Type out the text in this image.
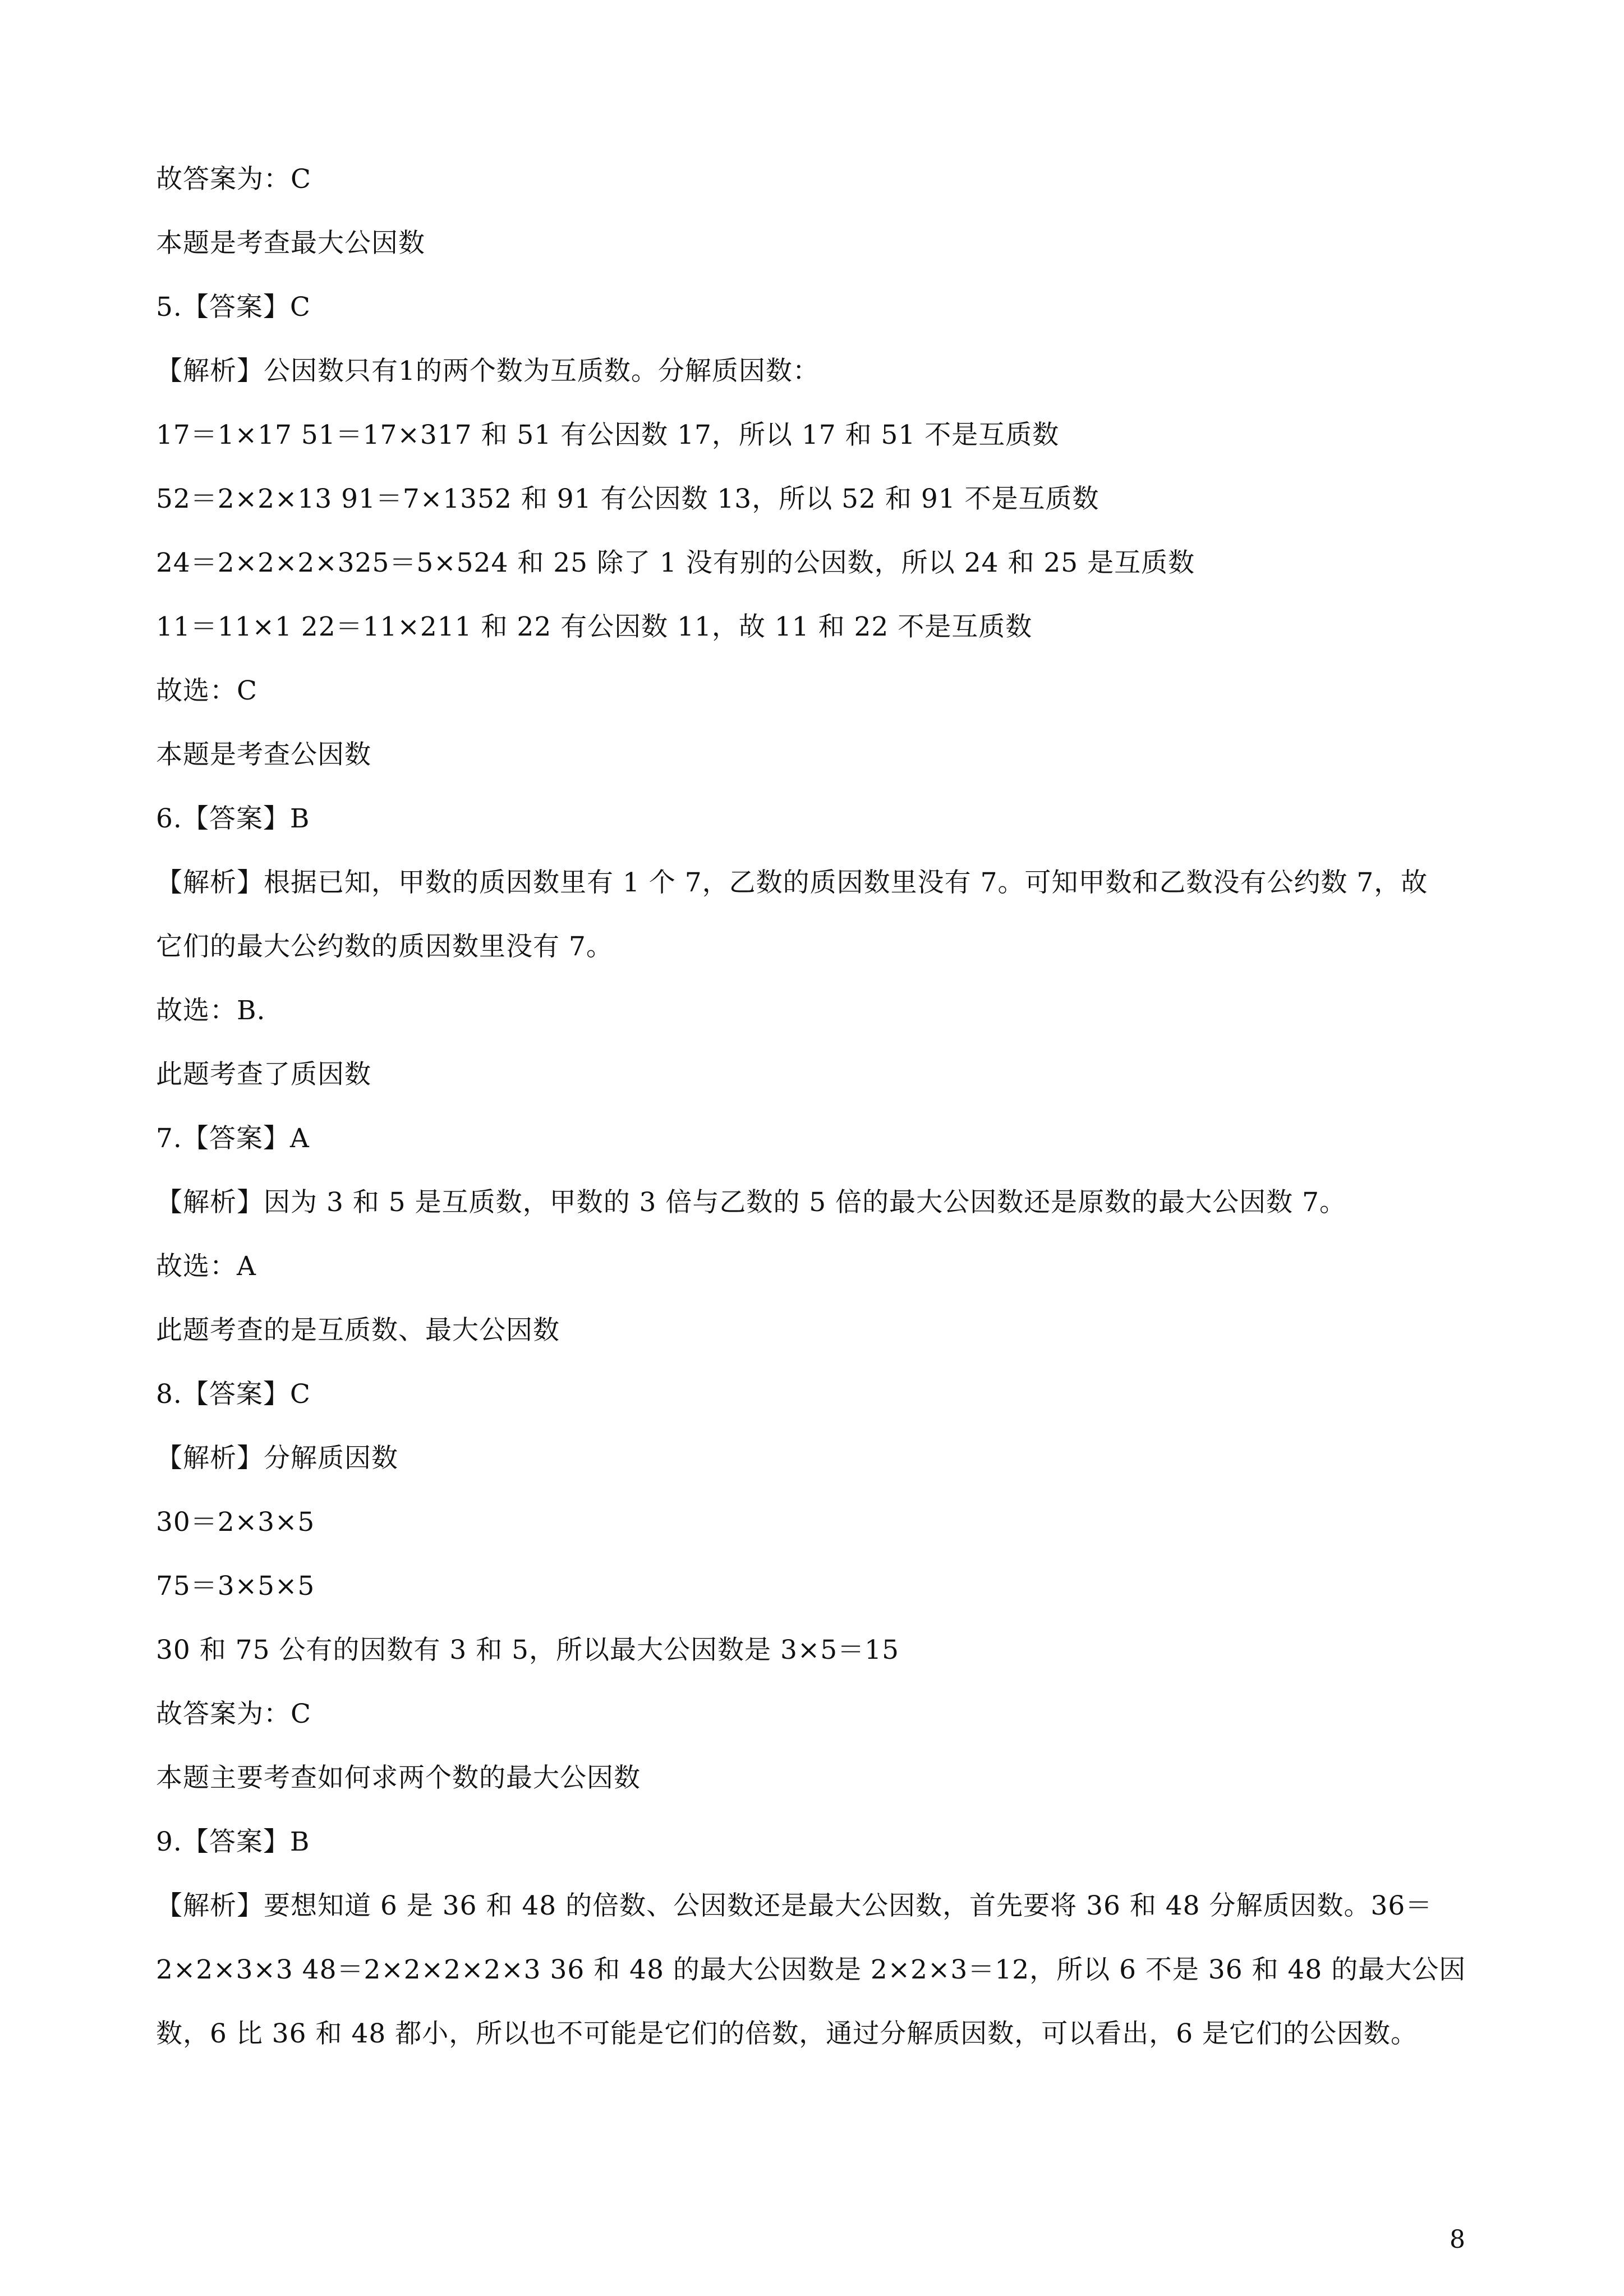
故答案为：C
本题是考查最大公因数
5.【答案】C
【解析】公因数只有1的两个数为互质数。分解质因数：
17＝1×17 51＝17×317 和 51 有公因数 17，所以 17 和 51 不是互质数
52＝2×2×13 91＝7×1352 和 91 有公因数 13，所以 52 和 91 不是互质数
24＝2×2×2×325＝5×524 和 25 除了 1 没有别的公因数，所以 24 和 25 是互质数
11＝11×1 22＝11×211 和 22 有公因数 11，故 11 和 22 不是互质数
故选：C
本题是考查公因数
6.【答案】B
【解析】根据已知，甲数的质因数里有 1 个 7，乙数的质因数里没有 7。可知甲数和乙数没有公约数 7，故
它们的最大公约数的质因数里没有 7。
故选：B.
此题考查了质因数
7.【答案】A
【解析】因为 3 和 5 是互质数，甲数的 3 倍与乙数的 5 倍的最大公因数还是原数的最大公因数 7。
故选：A
此题考查的是互质数、最大公因数
8.【答案】C
【解析】分解质因数
30＝2×3×5
75＝3×5×5
30 和 75 公有的因数有 3 和 5，所以最大公因数是 3×5＝15
故答案为：C
本题主要考查如何求两个数的最大公因数
9.【答案】B
【解析】要想知道 6 是 36 和 48 的倍数、公因数还是最大公因数，首先要将 36 和 48 分解质因数。36＝
2×2×3×3 48＝2×2×2×2×3 36 和 48 的最大公因数是 2×2×3＝12，所以 6 不是 36 和 48 的最大公因
数，6 比 36 和 48 都小，所以也不可能是它们的倍数，通过分解质因数，可以看出，6 是它们的公因数。
8
